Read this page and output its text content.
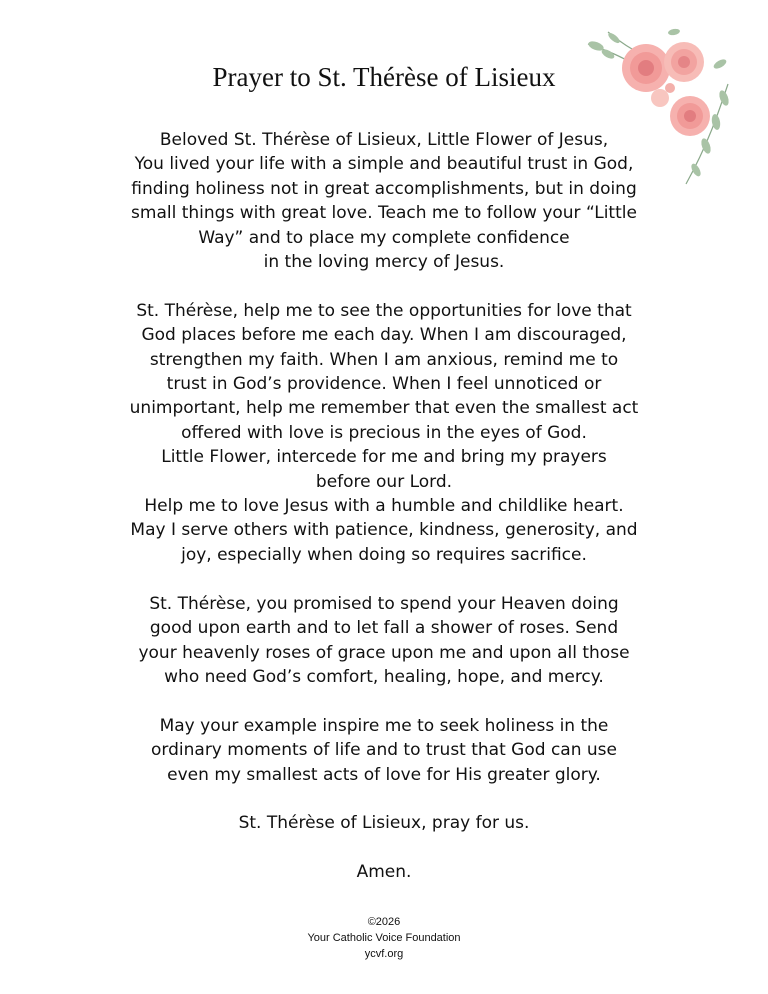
Prayer to St. Thérèse of Lisieux

Beloved St. Thérèse of Lisieux, Little Flower of Jesus,
You lived your life with a simple and beautiful trust in God,
finding holiness not in great accomplishments, but in doing
small things with great love. Teach me to follow your “Little
Way” and to place my complete confidence
in the loving mercy of Jesus.

St. Thérèse, help me to see the opportunities for love that
God places before me each day. When I am discouraged,
strengthen my faith. When I am anxious, remind me to
trust in God’s providence. When I feel unnoticed or
unimportant, help me remember that even the smallest act
offered with love is precious in the eyes of God.
Little Flower, intercede for me and bring my prayers
before our Lord.
Help me to love Jesus with a humble and childlike heart.
May I serve others with patience, kindness, generosity, and
joy, especially when doing so requires sacrifice.

St. Thérèse, you promised to spend your Heaven doing
good upon earth and to let fall a shower of roses. Send
your heavenly roses of grace upon me and upon all those
who need God’s comfort, healing, hope, and mercy.

May your example inspire me to seek holiness in the
ordinary moments of life and to trust that God can use
even my smallest acts of love for His greater glory.

St. Thérèse of Lisieux, pray for us.

Amen.

©2026
Your Catholic Voice Foundation
ycvf.org
